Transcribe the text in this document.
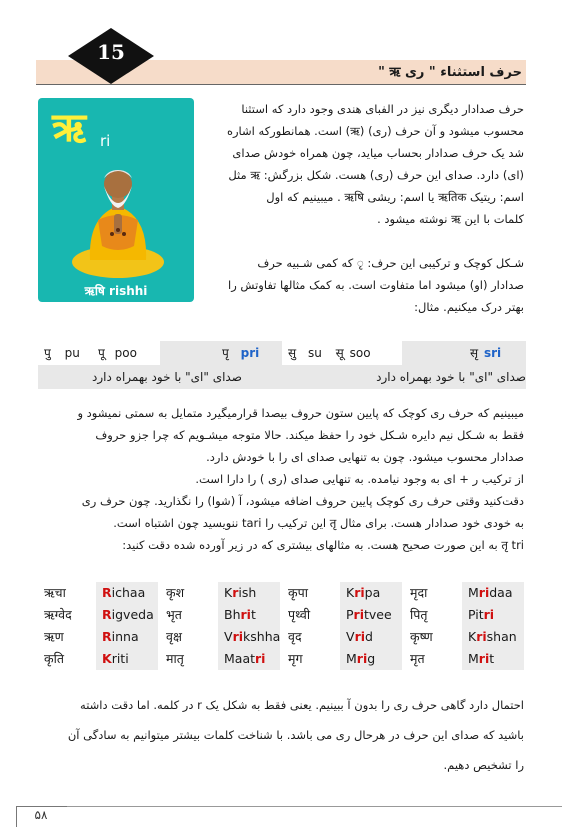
15
حرف استثناء " ری ऋ "
ऋ ri
ऋषि rishhi
حرف صدادار دیگری نیز در الفبای هندی وجود دارد که استثنا
محسوب میشود و آن حرف (ری) (ऋ) است. همانطورکه اشاره
شد یک حرف صدادار بحساب میاید، چون همراه خودش صدای
(ای) دارد. صدای این حرف (ری) هست. شکل بزرگش: ऋ مثل
اسم: ریتیک ऋतिक یا اسم: ریشی ऋषि . میبینیم که اول
کلمات با این ऋ نوشته میشود .
شـکل کوچک و ترکیبی این حرف: ृ که کمی شـبیه حرف
صدادار (او) میشود اما متفاوت است. به کمک مثالها تفاوتش را
بهتر درک میکنیم. مثال:
पु pu	पू poo	पृ pri	सु su सू soo	सृ sri
صدای "ای" با خود بهمراه دارد	صدای "ای" با خود بهمراه دارد
میبینیم که حرف ری کوچک که پایین ستون حروف بیصدا قرارمیگیرد متمایل به سمتی نمیشود و
فقط به شـکل نیم دایره شـکل خود را حفظ میکند. حالا متوجه میشـویم که چرا جزو حروف
صدادار محسوب میشود. چون به تنهایی صدای ای را با خودش دارد.
از ترکیب ر + ای به وجود نیامده. به تنهایی صدای (ری ) را دارا است.
دقت‌کنید وقتی حرف ری کوچک پایین حروف اضافه میشود، آ (شوا) را نگذارید. چون حرف ری
به خودی خود صدادار هست. برای مثال तृ این ترکیب را tari ننویسید چون اشتباه است.
तृ tri به این صورت صحیح هست. به مثالهای بیشتری که در زیر آورده شده دقت کنید:
ऋचा	Richaa	कृश	Krish	कृपा	Kripa	मृदा	Mridaa
ऋग्वेद	Rigveda भृत	Bhrit	पृथ्वी	Pritvee	पितृ	Pitri
ऋण	Rinna	वृक्ष	Vrikshha वृद	Vrid	कृष्ण	Krishan
कृति	Kriti	मातृ	Maatri	मृग	Mrig	मृत	Mrit
احتمال دارد گاهی حرف ری را بدون ﺁ ببینیم. یعنی فقط به شکل یک r در کلمه. اما دقت داشته
باشید که صدای این حرف در هرحال ری می باشد. با شناخت کلمات بیشتر میتوانیم به سادگی آن
را تشخیص دهیم.
۵۸
